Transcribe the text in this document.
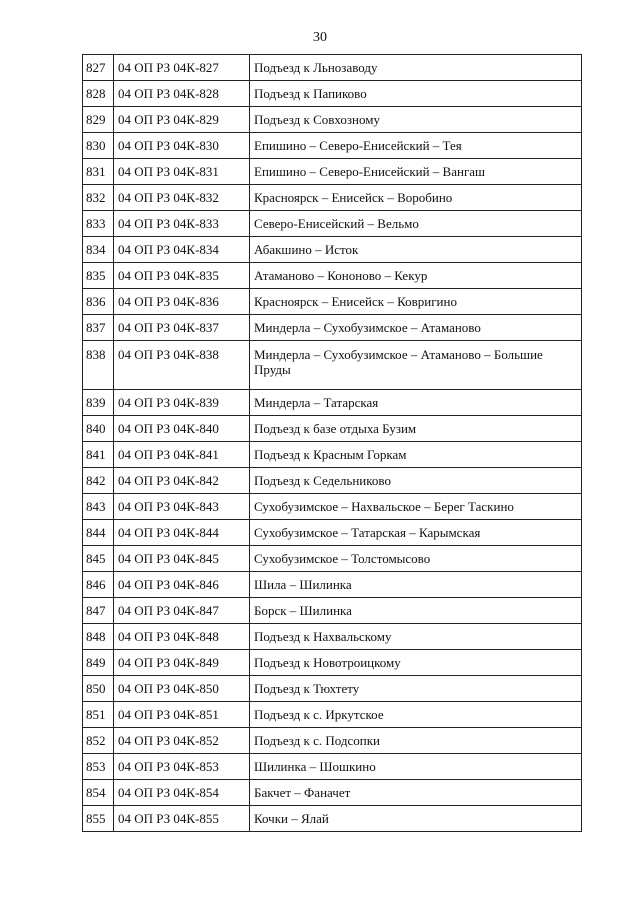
30
827	04 ОП РЗ 04К-827	Подъезд к Льнозаводу
828	04 ОП РЗ 04К-828	Подъезд к Папиково
829	04 ОП РЗ 04К-829	Подъезд к Совхозному
830	04 ОП РЗ 04К-830	Епишино – Северо-Енисейский – Тея
831	04 ОП РЗ 04К-831	Епишино – Северо-Енисейский – Вангаш
832	04 ОП РЗ 04К-832	Красноярск – Енисейск – Воробино
833	04 ОП РЗ 04К-833	Северо-Енисейский – Вельмо
834	04 ОП РЗ 04К-834	Абакшино – Исток
835	04 ОП РЗ 04К-835	Атаманово – Кононово – Кекур
836	04 ОП РЗ 04К-836	Красноярск – Енисейск – Ковригино
837	04 ОП РЗ 04К-837	Миндерла – Сухобузимское – Атаманово
838	04 ОП РЗ 04К-838	Миндерла – Сухобузимское – Атаманово – Большие Пруды
839	04 ОП РЗ 04К-839	Миндерла – Татарская
840	04 ОП РЗ 04К-840	Подъезд к базе отдыха Бузим
841	04 ОП РЗ 04К-841	Подъезд к Красным Горкам
842	04 ОП РЗ 04К-842	Подъезд к Седельниково
843	04 ОП РЗ 04К-843	Сухобузимское – Нахвальское – Берег Таскино
844	04 ОП РЗ 04К-844	Сухобузимское – Татарская – Карымская
845	04 ОП РЗ 04К-845	Сухобузимское – Толстомысово
846	04 ОП РЗ 04К-846	Шила – Шилинка
847	04 ОП РЗ 04К-847	Борск – Шилинка
848	04 ОП РЗ 04К-848	Подъезд к Нахвальскому
849	04 ОП РЗ 04К-849	Подъезд к Новотроицкому
850	04 ОП РЗ 04К-850	Подъезд к Тюхтету
851	04 ОП РЗ 04К-851	Подъезд к с. Иркутское
852	04 ОП РЗ 04К-852	Подъезд к с. Подсопки
853	04 ОП РЗ 04К-853	Шилинка – Шошкино
854	04 ОП РЗ 04К-854	Бакчет – Фаначет
855	04 ОП РЗ 04К-855	Кочки – Ялай
